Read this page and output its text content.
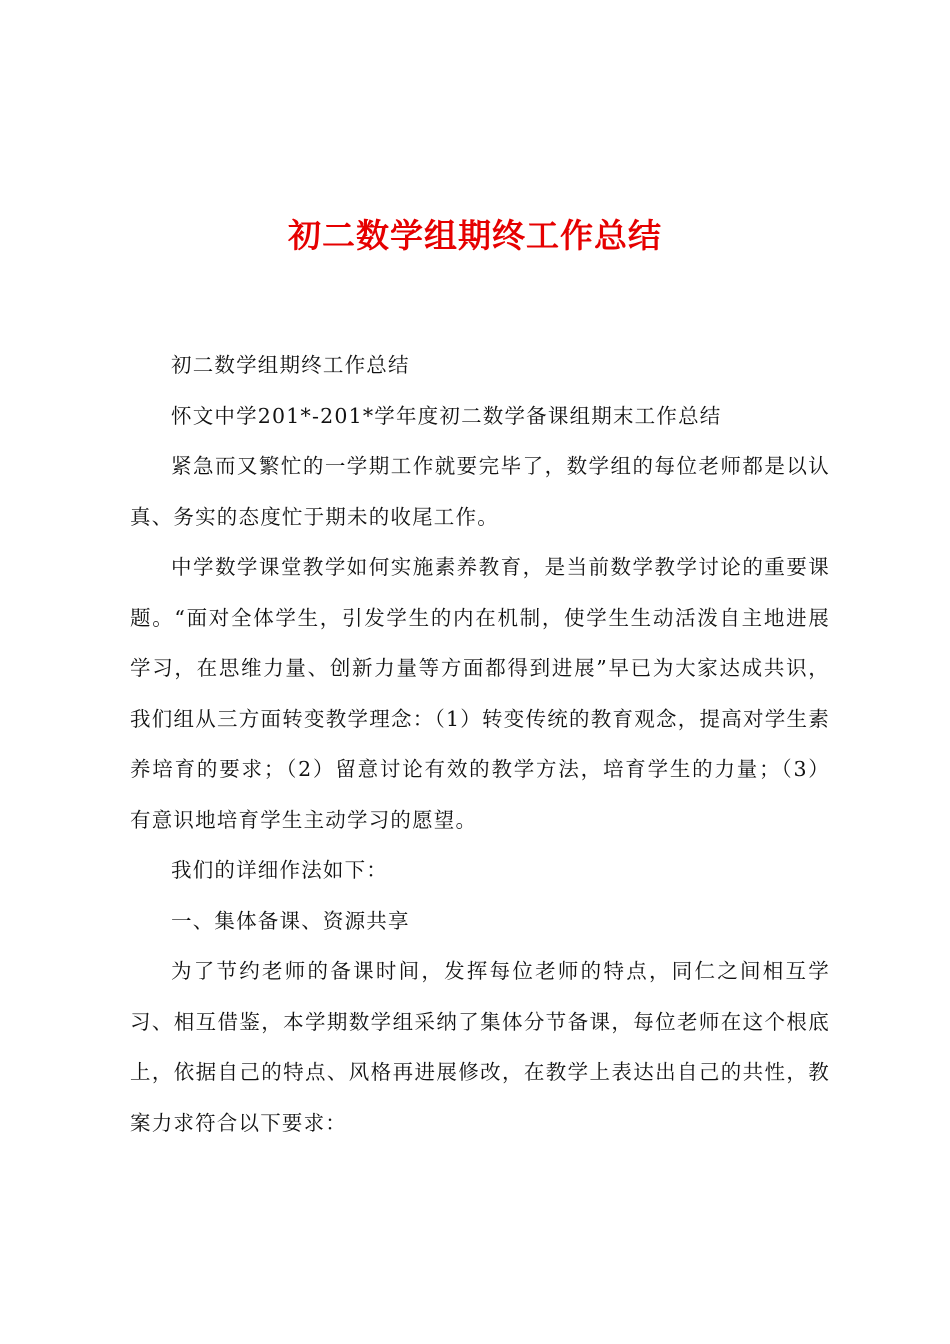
初二数学组期终工作总结

初二数学组期终工作总结

怀文中学201*-201*学年度初二数学备课组期末工作总结

紧急而又繁忙的一学期工作就要完毕了，数学组的每位老师都是以认真、务实的态度忙于期未的收尾工作。

中学数学课堂教学如何实施素养教育，是当前数学教学讨论的重要课题。“面对全体学生，引发学生的内在机制，使学生生动活泼自主地进展学习，在思维力量、创新力量等方面都得到进展”早已为大家达成共识，我们组从三方面转变教学理念：（1）转变传统的教育观念，提高对学生素养培育的要求；（2）留意讨论有效的教学方法，培育学生的力量；（3）有意识地培育学生主动学习的愿望。

我们的详细作法如下：

一、集体备课、资源共享

为了节约老师的备课时间，发挥每位老师的特点，同仁之间相互学习、相互借鉴，本学期数学组采纳了集体分节备课，每位老师在这个根底上，依据自己的特点、风格再进展修改，在教学上表达出自己的共性，教案力求符合以下要求：
